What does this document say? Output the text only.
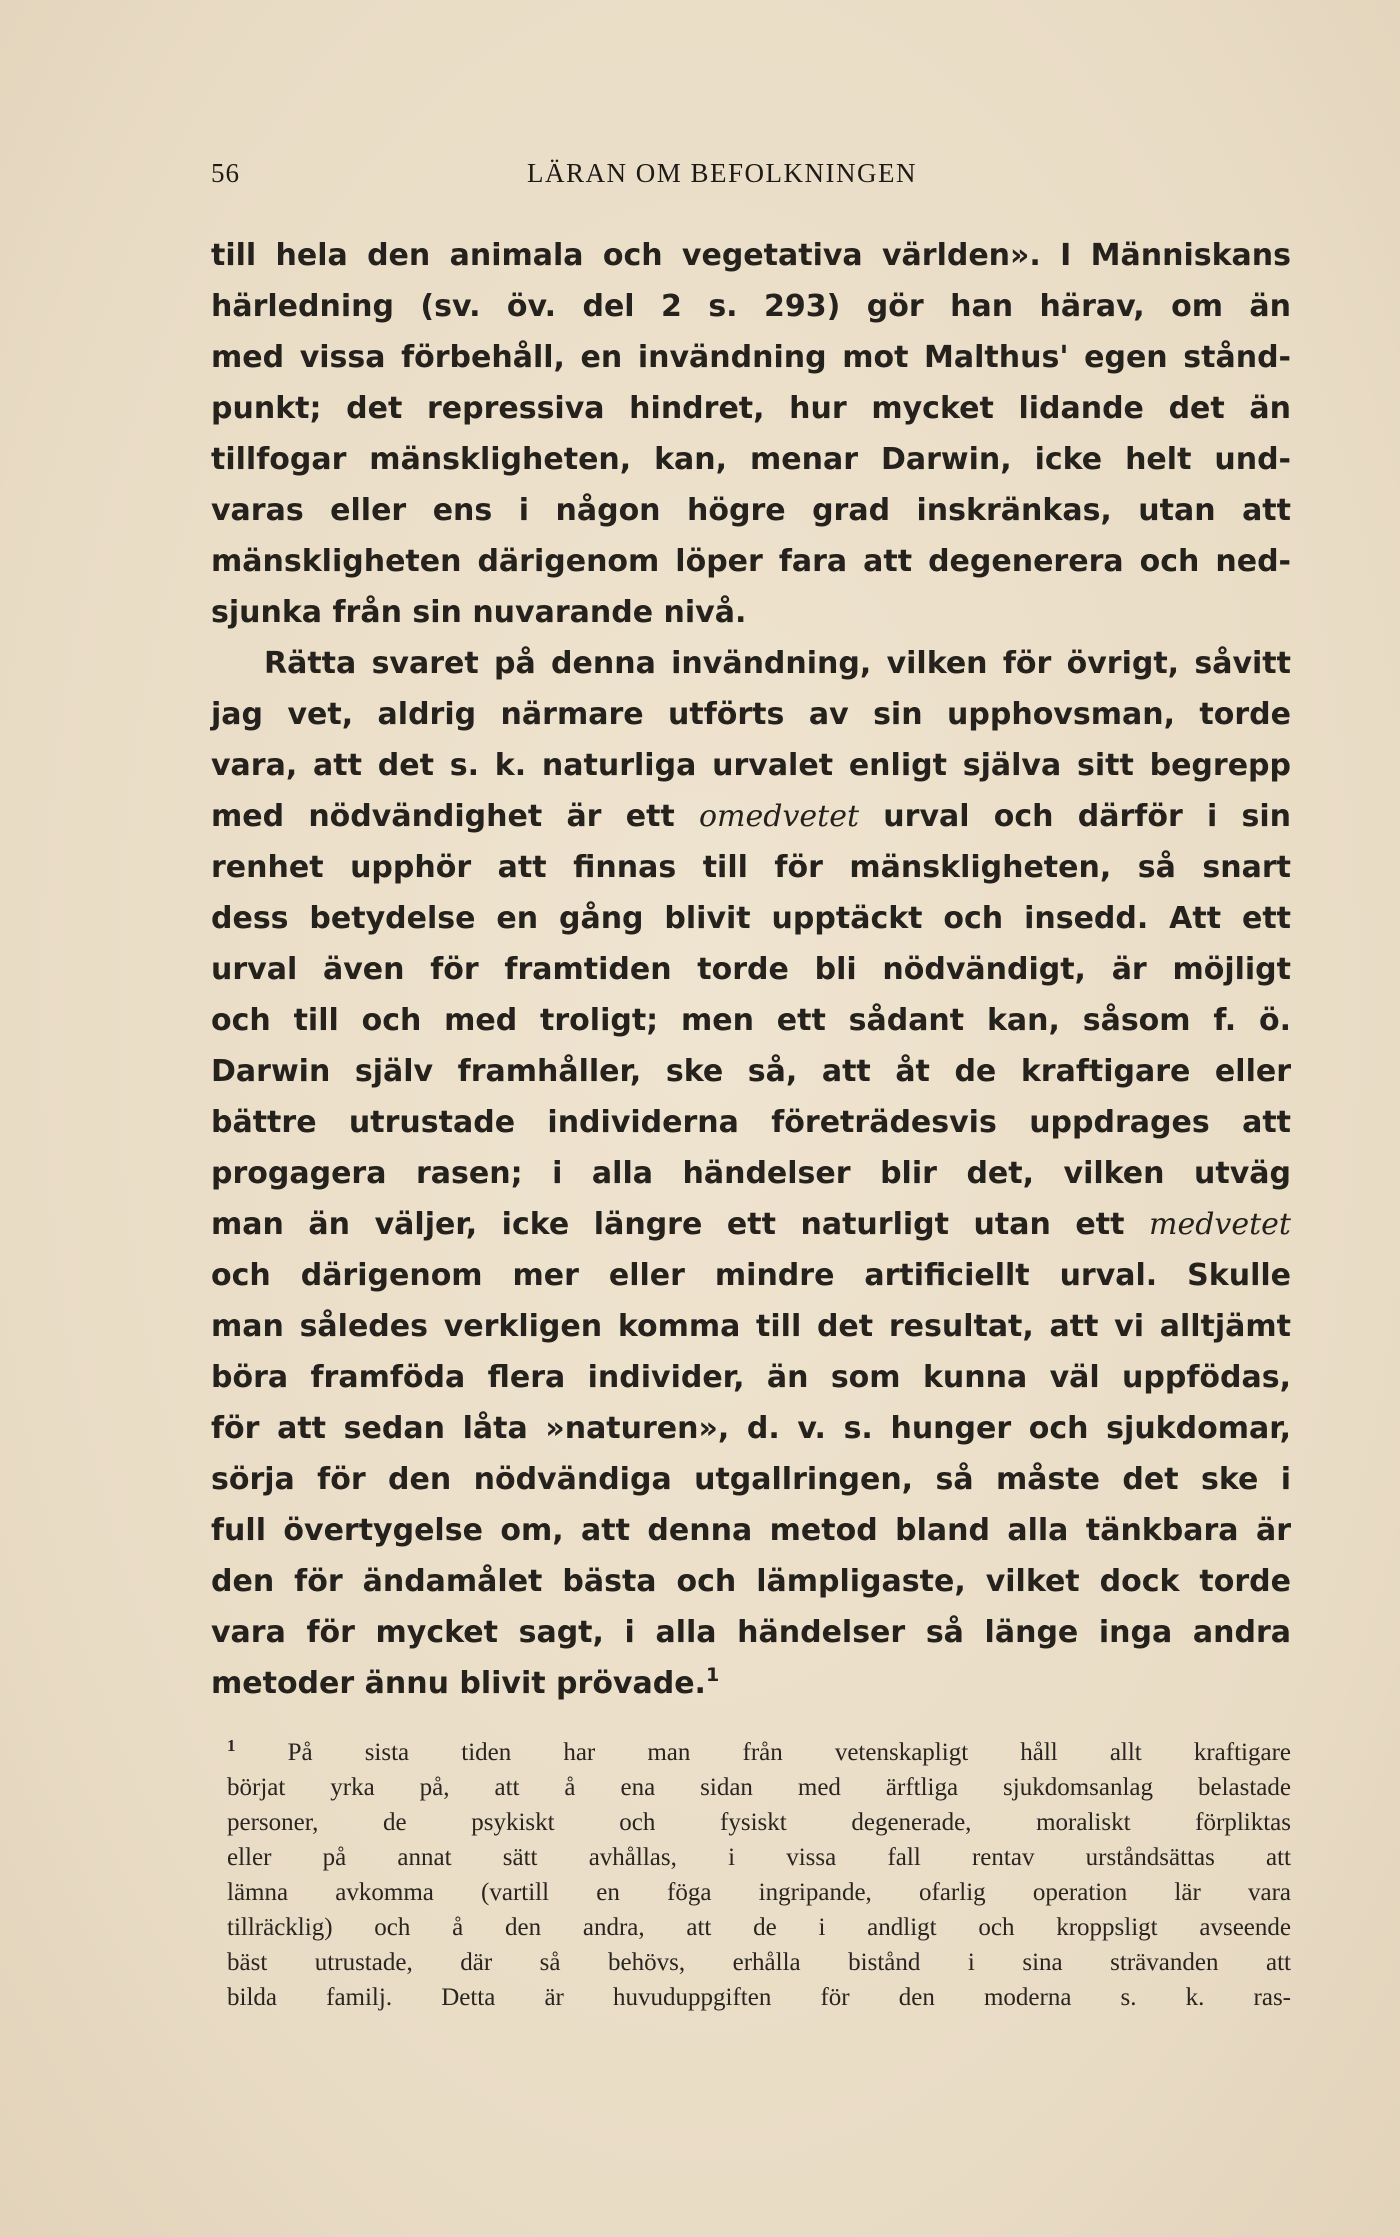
56	LÄRAN OM BEFOLKNINGEN
till hela den animala och vegetativa världen». I Människans
härledning (sv. öv. del 2 s. 293) gör han härav, om än
med vissa förbehåll, en invändning mot Malthus' egen stånd-
punkt; det repressiva hindret, hur mycket lidande det än
tillfogar mänskligheten, kan, menar Darwin, icke helt und-
varas eller ens i någon högre grad inskränkas, utan att
mänskligheten därigenom löper fara att degenerera och ned-
sjunka från sin nuvarande nivå.
Rätta svaret på denna invändning, vilken för övrigt, såvitt
jag vet, aldrig närmare utförts av sin upphovsman, torde
vara, att det s. k. naturliga urvalet enligt själva sitt begrepp
med nödvändighet är ett omedvetet urval och därför i sin
renhet upphör att finnas till för mänskligheten, så snart
dess betydelse en gång blivit upptäckt och insedd. Att ett
urval även för framtiden torde bli nödvändigt, är möjligt
och till och med troligt; men ett sådant kan, såsom f. ö.
Darwin själv framhåller, ske så, att åt de kraftigare eller
bättre utrustade individerna företrädesvis uppdrages att
progagera rasen; i alla händelser blir det, vilken utväg
man än väljer, icke längre ett naturligt utan ett medvetet
och därigenom mer eller mindre artificiellt urval. Skulle
man således verkligen komma till det resultat, att vi alltjämt
böra framföda flera individer, än som kunna väl uppfödas,
för att sedan låta »naturen», d. v. s. hunger och sjukdomar,
sörja för den nödvändiga utgallringen, så måste det ske i
full övertygelse om, att denna metod bland alla tänkbara är
den för ändamålet bästa och lämpligaste, vilket dock torde
vara för mycket sagt, i alla händelser så länge inga andra
metoder ännu blivit prövade.$^1$
$^1$ På sista tiden har man från vetenskapligt håll allt kraftigare
börjat yrka på, att å ena sidan med ärftliga sjukdomsanlag belastade
personer, de psykiskt och fysiskt degenerade, moraliskt förpliktas
eller på annat sätt avhållas, i vissa fall rentav urståndsättas att
lämna avkomma (vartill en föga ingripande, ofarlig operation lär vara
tillräcklig) och å den andra, att de i andligt och kroppsligt avseende
bäst utrustade, där så behövs, erhålla bistånd i sina strävanden att
bilda familj. Detta är huvuduppgiften för den moderna s. k. ras-
